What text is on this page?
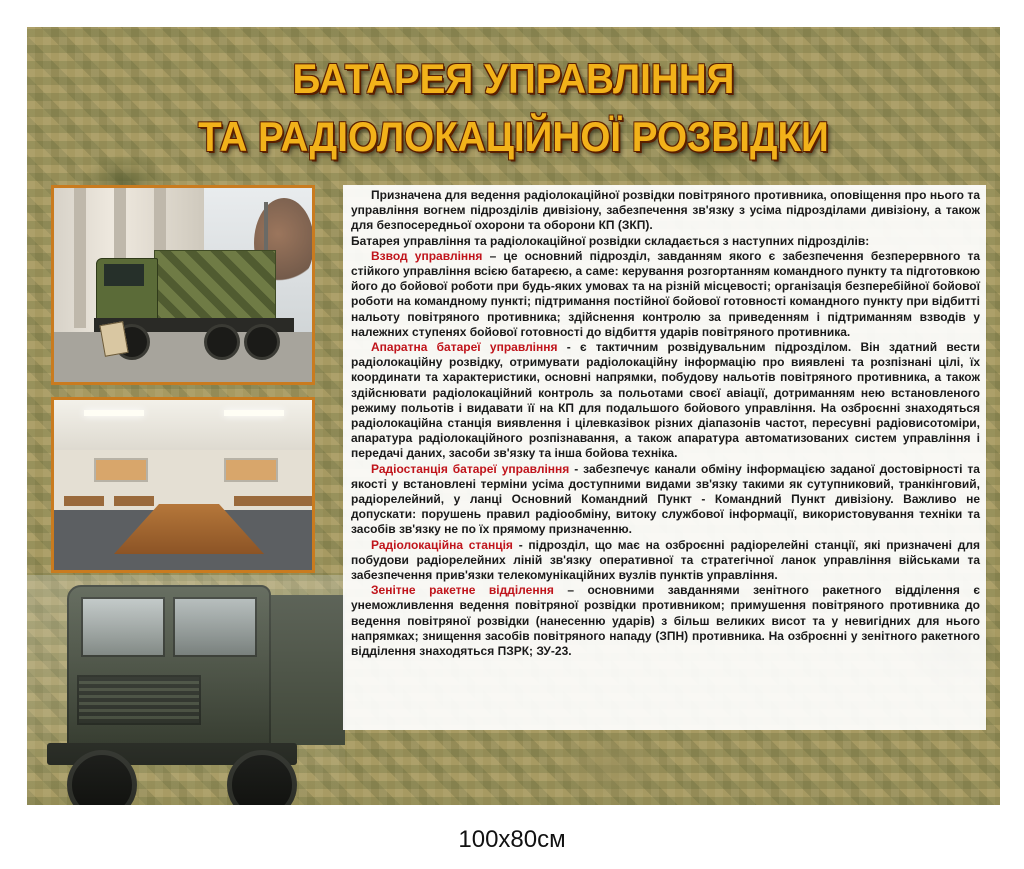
БАТАРЕЯ УПРАВЛІННЯ
ТА РАДІОЛОКАЦІЙНОЇ РОЗВІДКИ

Призначена для ведення радіолокаційної розвідки повітряного противника, оповіщення про нього та управління вогнем підрозділів дивізіону, забезпечення зв'язку з усіма підрозділами дивізіону, а також для безпосередньої охорони та оборони КП (ЗКП).

Батарея управління та радіолокаційної розвідки складається з наступних підрозділів:

Взвод управління – це основний підрозділ, завданням якого є забезпечення безперервного та стійкого управління всією батареєю, а саме: керування розгортанням командного пункту та підготовкою його до бойової роботи при будь-яких умовах та на різній місцевості; організація безперебійної бойової роботи на командному пункті; підтримання постійної бойової готовності командного пункту при відбитті нальоту повітряного противника; здійснення контролю за приведенням і підтриманням взводів у належних ступенях бойової готовності до відбиття ударів повітряного противника.

Апаратна батареї управління - є тактичним розвідувальним підрозділом. Він здатний вести радіолокаційну розвідку, отримувати радіолокаційну інформацію про виявлені та розпізнані цілі, їх координати та характеристики, основні напрямки, побудову нальотів повітряного противника, а також здійснювати радіолокаційний контроль за польотами своєї авіації, дотриманням нею встановленого режиму польотів і видавати її на КП для подальшого бойового управління. На озброєнні знаходяться радіолокаційна станція виявлення і цілевказівок різних діапазонів частот, пересувні радіовисотоміри, апаратура радіолокаційного розпізнавання, а також апаратура автоматизованих систем управління і передачі даних, засоби зв'язку та інша бойова техніка.

Радіостанція батареї управління - забезпечує канали обміну інформацією заданої достовірності та якості у встановлені терміни усіма доступними видами зв'язку такими як сутупниковий, транкінговий, радіорелейний, у ланці Основний Командний Пункт - Командний Пункт дивізіону. Важливо не допускати: порушень правил радіообміну, витоку службової інформації, використовування техніки та засобів зв'язку не по їх прямому призначенню.

Радіолокаційна станція - підрозділ, що має на озброєнні радіорелейні станції, які призначені для побудови радіорелейних ліній зв'язку оперативної та стратегічної ланок управління військами та забезпечення прив'язки телекомунікаційних вузлів пунктів управління.

Зенітне ракетне відділення – основними завданнями зенітного ракетного відділення є унеможливлення ведення повітряної розвідки противником; примушення повітряного противника до ведення повітряної розвідки (нанесенню ударів) з більш великих висот та у невигідних для нього напрямках; знищення засобів повітряного нападу (ЗПН) противника. На озброєнні у зенітного ракетного відділення знаходяться ПЗРК; ЗУ-23.

100x80см
